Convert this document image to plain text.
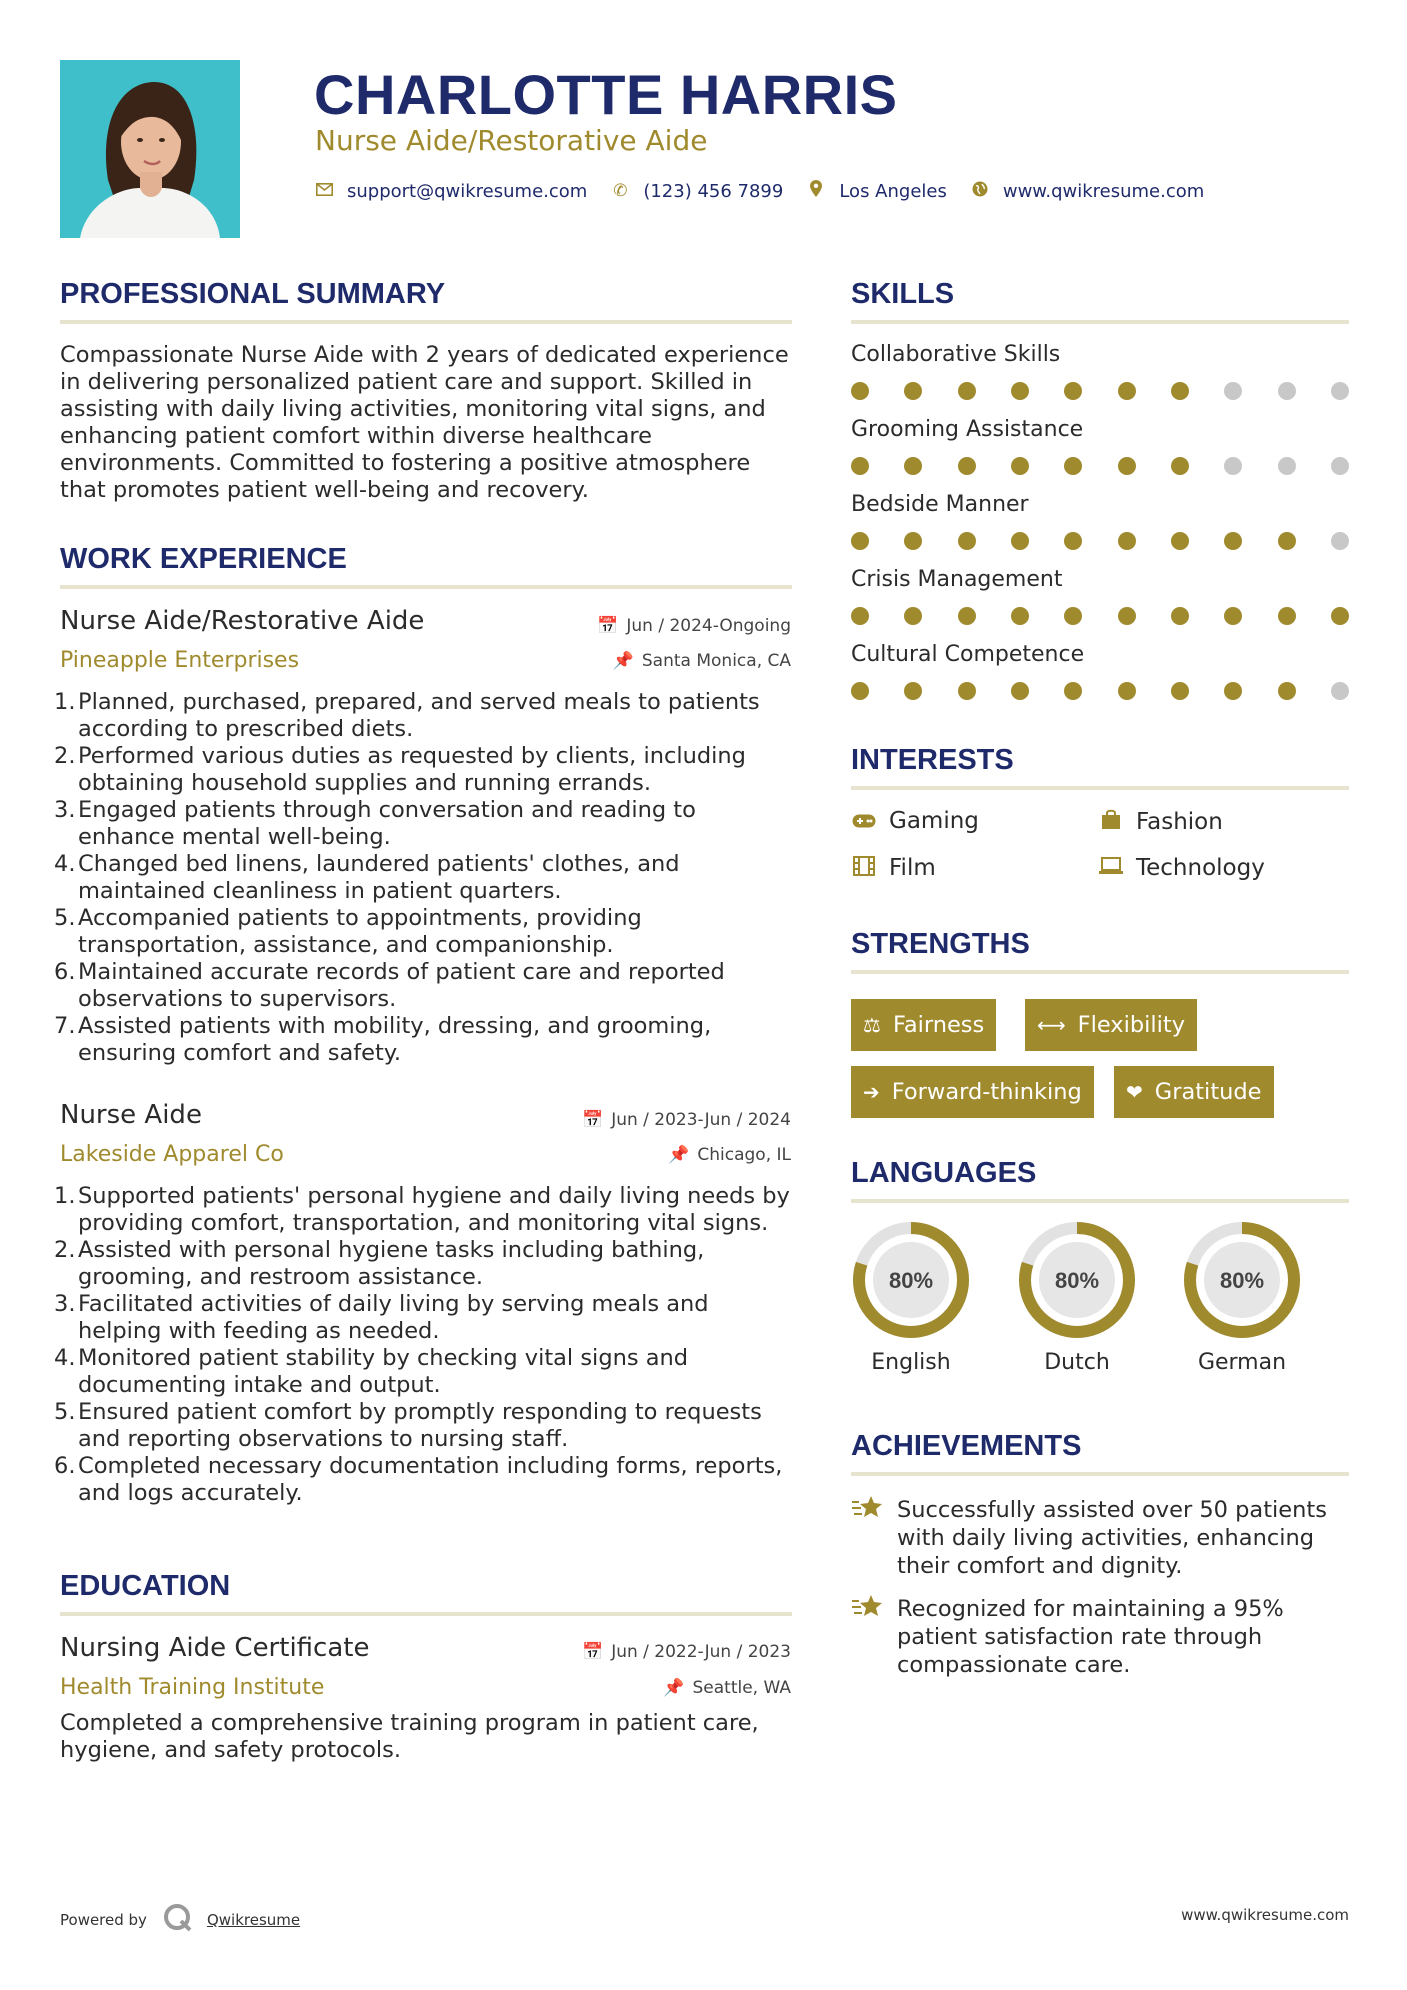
CHARLOTTE HARRIS
Nurse Aide/Restorative Aide
support@qwikresume.com ✆ (123) 456 7899	Los Angeles	www.qwikresume.com
PROFESSIONAL SUMMARY
Compassionate Nurse Aide with 2 years of dedicated experience in delivering personalized patient care and support. Skilled in assisting with daily living activities, monitoring vital signs, and enhancing patient comfort within diverse healthcare environments. Committed to fostering a positive atmosphere that promotes patient well-being and recovery.
WORK EXPERIENCE
Nurse Aide/Restorative Aide	📅 Jun / 2024-Ongoing
Pineapple Enterprises	📌 Santa Monica, CA
1. Planned, purchased, prepared, and served meals to patients according to prescribed diets.
2. Performed various duties as requested by clients, including obtaining household supplies and running errands.
3. Engaged patients through conversation and reading to enhance mental well-being.
4. Changed bed linens, laundered patients' clothes, and maintained cleanliness in patient quarters.
5. Accompanied patients to appointments, providing transportation, assistance, and companionship.
6. Maintained accurate records of patient care and reported observations to supervisors.
7. Assisted patients with mobility, dressing, and grooming, ensuring comfort and safety.
Nurse Aide	📅 Jun / 2023-Jun / 2024
Lakeside Apparel Co	📌 Chicago, IL
1. Supported patients' personal hygiene and daily living needs by providing comfort, transportation, and monitoring vital signs.
2. Assisted with personal hygiene tasks including bathing, grooming, and restroom assistance.
3. Facilitated activities of daily living by serving meals and helping with feeding as needed.
4. Monitored patient stability by checking vital signs and documenting intake and output.
5. Ensured patient comfort by promptly responding to requests and reporting observations to nursing staff.
6. Completed necessary documentation including forms, reports, and logs accurately.
EDUCATION
Nursing Aide Certificate	📅 Jun / 2022-Jun / 2023
Health Training Institute	📌 Seattle, WA
Completed a comprehensive training program in patient care, hygiene, and safety protocols.
SKILLS
Collaborative Skills
Grooming Assistance
Bedside Manner
Crisis Management
Cultural Competence
INTERESTS
Gaming	Fashion
Film	Technology
STRENGTHS
⚖ Fairness	⟷ Flexibility
➔ Forward-thinking ❤ Gratitude
LANGUAGES
80%
English
80%
Dutch
80%
German
ACHIEVEMENTS
Successfully assisted over 50 patients with daily living activities, enhancing their comfort and dignity.
Recognized for maintaining a 95% patient satisfaction rate through compassionate care.
Powered by	Qwikresume	www.qwikresume.com
